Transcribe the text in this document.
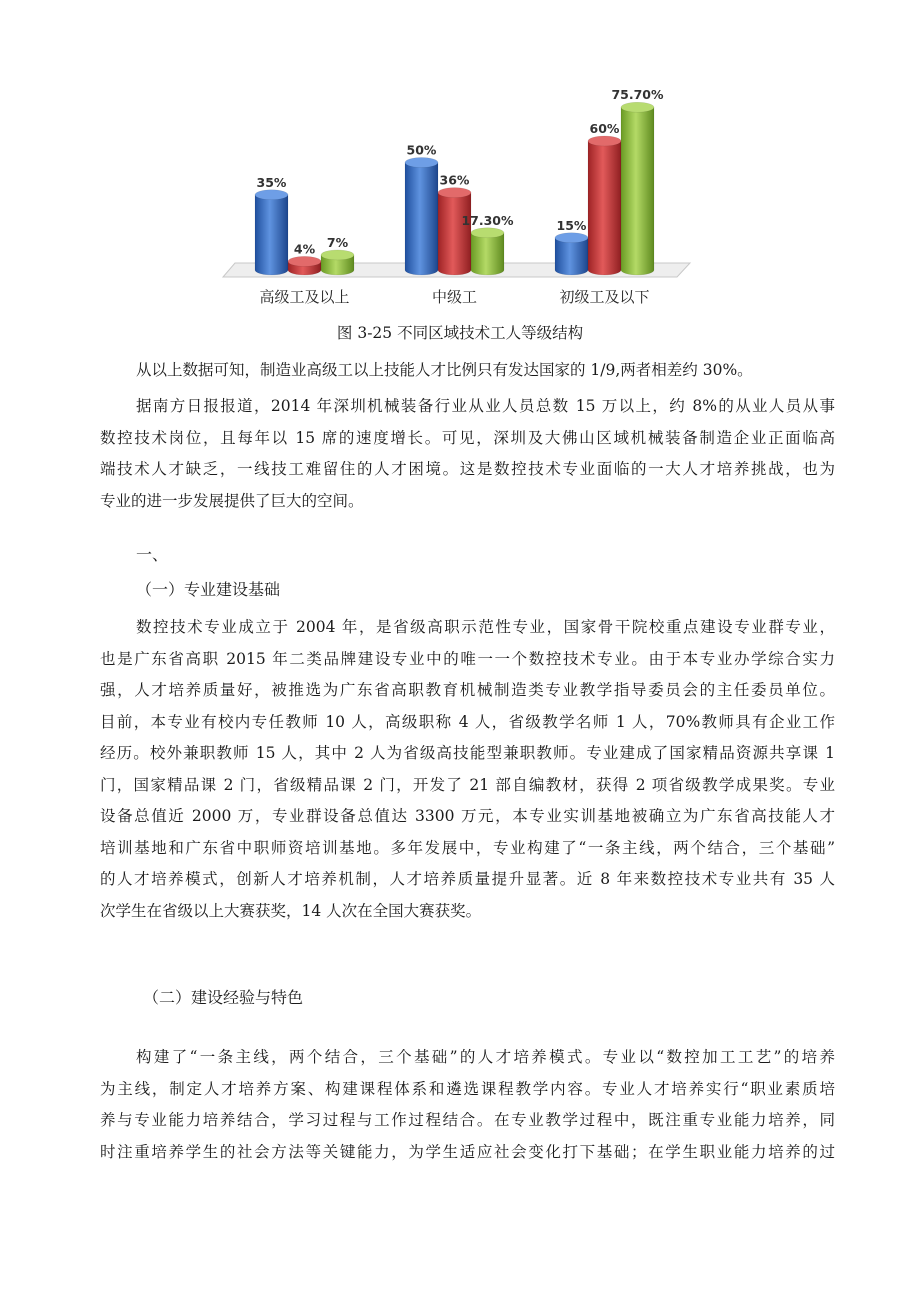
35%
4% 7%
50%
36%
17.30%	15%
60%
75.70%
高级工及以上	中级工	初级工及以下
图 3-25 不同区域技术工人等级结构
从以上数据可知，制造业高级工以上技能人才比例只有发达国家的 1/9,两者相差约 30%。
据南方日报报道，2014 年深圳机械装备行业从业人员总数 15 万以上，约 8%的从业人员从事
数控技术岗位，且每年以 15 席的速度增长。可见，深圳及大佛山区域机械装备制造企业正面临高
端技术人才缺乏，一线技工难留住的人才困境。这是数控技术专业面临的一大人才培养挑战，也为
专业的进一步发展提供了巨大的空间。
一、
（一）专业建设基础
数控技术专业成立于 2004 年，是省级高职示范性专业，国家骨干院校重点建设专业群专业，
也是广东省高职 2015 年二类品牌建设专业中的唯一一个数控技术专业。由于本专业办学综合实力
强，人才培养质量好，被推选为广东省高职教育机械制造类专业教学指导委员会的主任委员单位。
目前，本专业有校内专任教师 10 人，高级职称 4 人，省级教学名师 1 人，70%教师具有企业工作
经历。校外兼职教师 15 人，其中 2 人为省级高技能型兼职教师。专业建成了国家精品资源共享课 1
门，国家精品课 2 门，省级精品课 2 门，开发了 21 部自编教材，获得 2 项省级教学成果奖。专业
设备总值近 2000 万，专业群设备总值达 3300 万元，本专业实训基地被确立为广东省高技能人才
培训基地和广东省中职师资培训基地。多年发展中，专业构建了“一条主线，两个结合，三个基础”
的人才培养模式，创新人才培养机制，人才培养质量提升显著。近 8 年来数控技术专业共有 35 人
次学生在省级以上大赛获奖，14 人次在全国大赛获奖。
（二）建设经验与特色
构建了“一条主线，两个结合，三个基础”的人才培养模式。专业以“数控加工工艺”的培养
为主线，制定人才培养方案、构建课程体系和遴选课程教学内容。专业人才培养实行“职业素质培
养与专业能力培养结合，学习过程与工作过程结合。在专业教学过程中，既注重专业能力培养，同
时注重培养学生的社会方法等关键能力，为学生适应社会变化打下基础；在学生职业能力培养的过
